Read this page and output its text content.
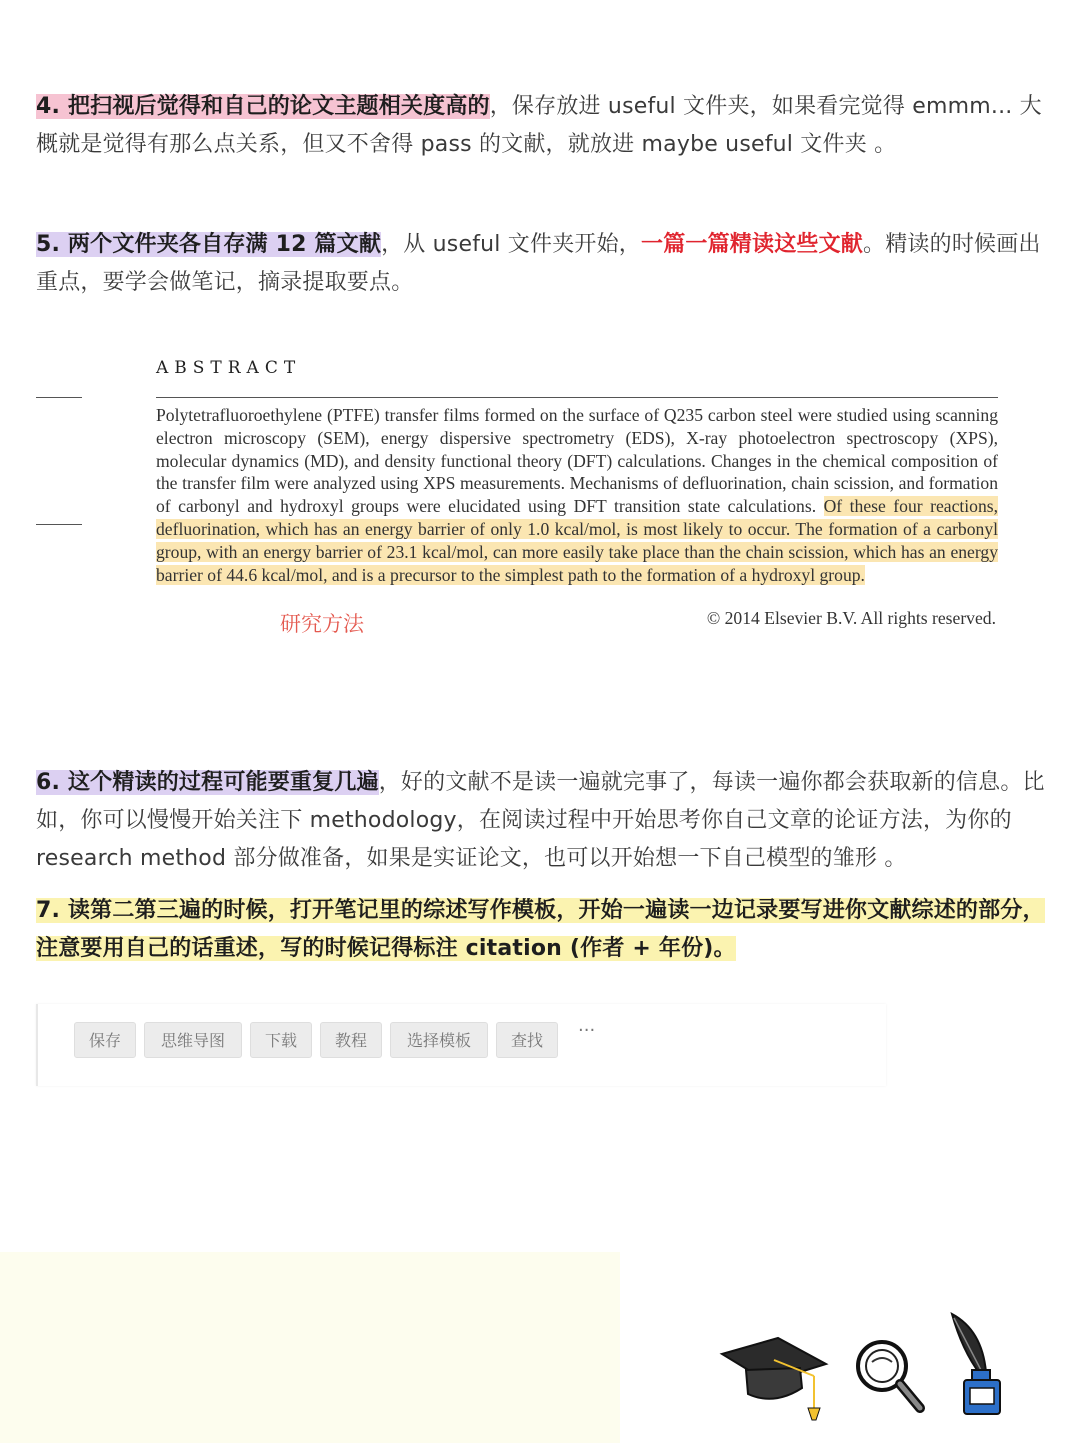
4. 把扫视后觉得和自己的论文主题相关度高的，保存放进 useful 文件夹，如果看完觉得 emmm... 大概就是觉得有那么点关系，但又不舍得 pass 的文献，就放进 maybe useful 文件夹 。
5. 两个文件夹各自存满 12 篇文献，从 useful 文件夹开始，一篇一篇精读这些文献。精读的时候画出重点，要学会做笔记，摘录提取要点。
ABSTRACT
Polytetrafluoroethylene (PTFE) transfer films formed on the surface of Q235 carbon steel were studied using scanning electron microscopy (SEM), energy dispersive spectrometry (EDS), X-ray photoelectron spectroscopy (XPS), molecular dynamics (MD), and density functional theory (DFT) calculations. Changes in the chemical composition of the transfer film were analyzed using XPS measurements. Mechanisms of defluorination, chain scission, and formation of carbonyl and hydroxyl groups were elucidated using DFT transition state calculations. Of these four reactions, defluorination, which has an energy barrier of only 1.0 kcal/mol, is most likely to occur. The formation of a carbonyl group, with an energy barrier of 23.1 kcal/mol, can more easily take place than the chain scission, which has an energy barrier of 44.6 kcal/mol, and is a precursor to the simplest path to the formation of a hydroxyl group.
研究方法	© 2014 Elsevier B.V. All rights reserved.
6. 这个精读的过程可能要重复几遍，好的文献不是读一遍就完事了，每读一遍你都会获取新的信息。比如，你可以慢慢开始关注下 methodology，在阅读过程中开始思考你自己文章的论证方法，为你的 research method 部分做准备，如果是实证论文，也可以开始想一下自己模型的雏形 。
7. 读第二第三遍的时候，打开笔记里的综述写作模板，开始一遍读一边记录要写进你文献综述的部分，注意要用自己的话重述，写的时候记得标注 citation (作者 + 年份)。
保存	思维导图	下载	教程	选择模板	查找	···
